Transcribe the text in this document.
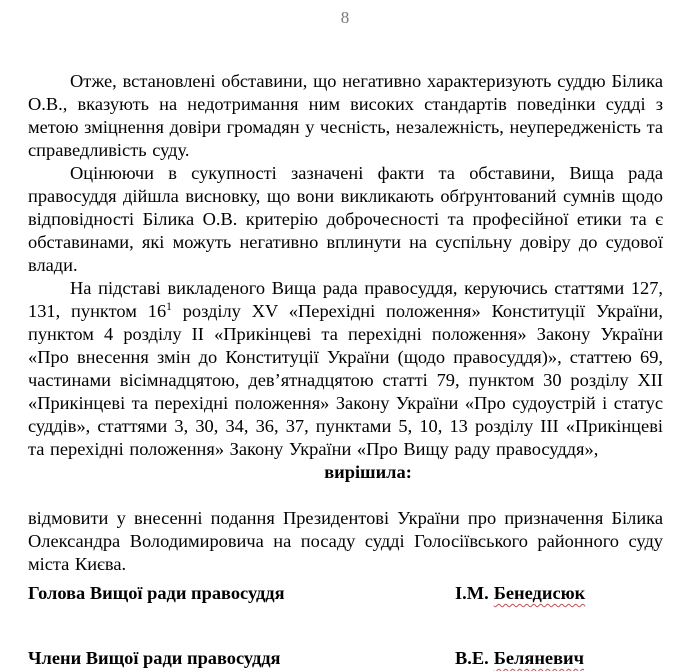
8

Отже, встановлені обставини, що негативно характеризують суддю Білика О.В., вказують на недотримання ним високих стандартів поведінки судді з метою зміцнення довіри громадян у чесність, незалежність, неупередженість та справедливість суду.

Оцінюючи в сукупності зазначені факти та обставини, Вища рада правосуддя дійшла висновку, що вони викликають обґрунтований сумнів щодо відповідності Білика О.В. критерію доброчесності та професійної етики та є обставинами, які можуть негативно вплинути на суспільну довіру до судової влади.

На підставі викладеного Вища рада правосуддя, керуючись статтями 127, 131, пунктом 16$^1$ розділу XV «Перехідні положення» Конституції України, пунктом 4 розділу II «Прикінцеві та перехідні положення» Закону України «Про внесення змін до Конституції України (щодо правосуддя)», статтею 69, частинами вісімнадцятою, дев’ятнадцятою статті 79, пунктом 30 розділу XII «Прикінцеві та перехідні положення» Закону України «Про судоустрій і статус суддів», статтями 3, 30, 34, 36, 37, пунктами 5, 10, 13 розділу III «Прикінцеві та перехідні положення» Закону України «Про Вищу раду правосуддя»,

вирішила:

відмовити у внесенні подання Президентові України про призначення Білика Олександра Володимировича на посаду судді Голосіївського районного суду міста Києва.

Голова Вищої ради правосуддя	І.М. Бенедисюк
Члени Вищої ради правосуддя	В.Е. Беляневич
